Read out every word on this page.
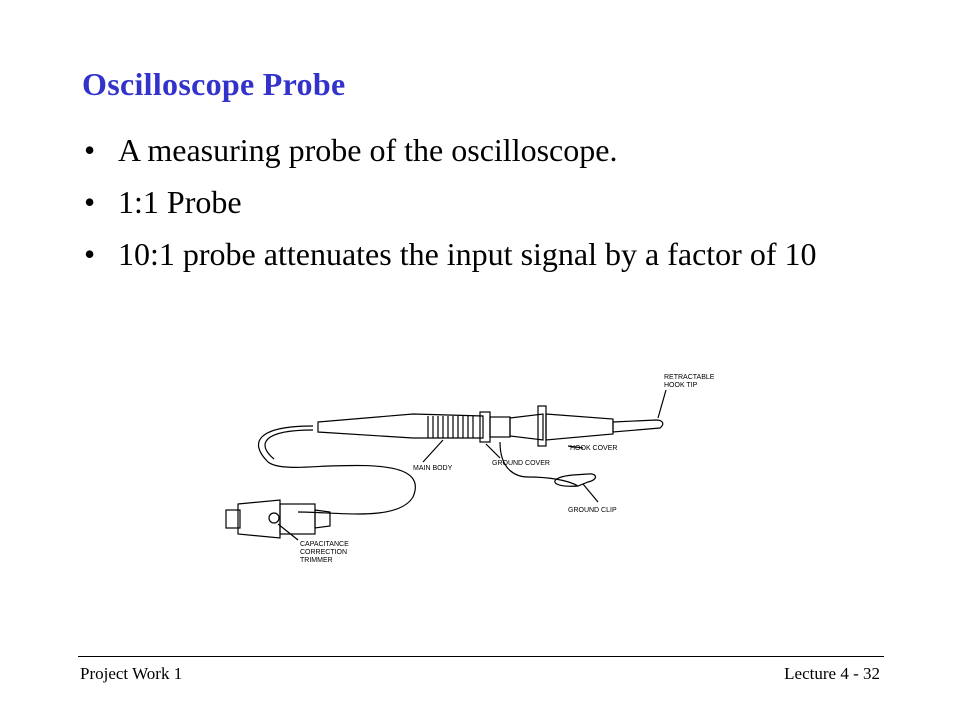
Oscilloscope Probe
• A measuring probe of the oscilloscope.
• 1:1 Probe
• 10:1 probe attenuates the input signal by a factor of 10
RETRACTABLE
HOOK TIP
HOOK COVER
MAIN BODY
GROUND COVER
GROUND CLIP
CAPACITANCE
CORRECTION
TRIMMER
Project Work 1	Lecture 4 - 32
